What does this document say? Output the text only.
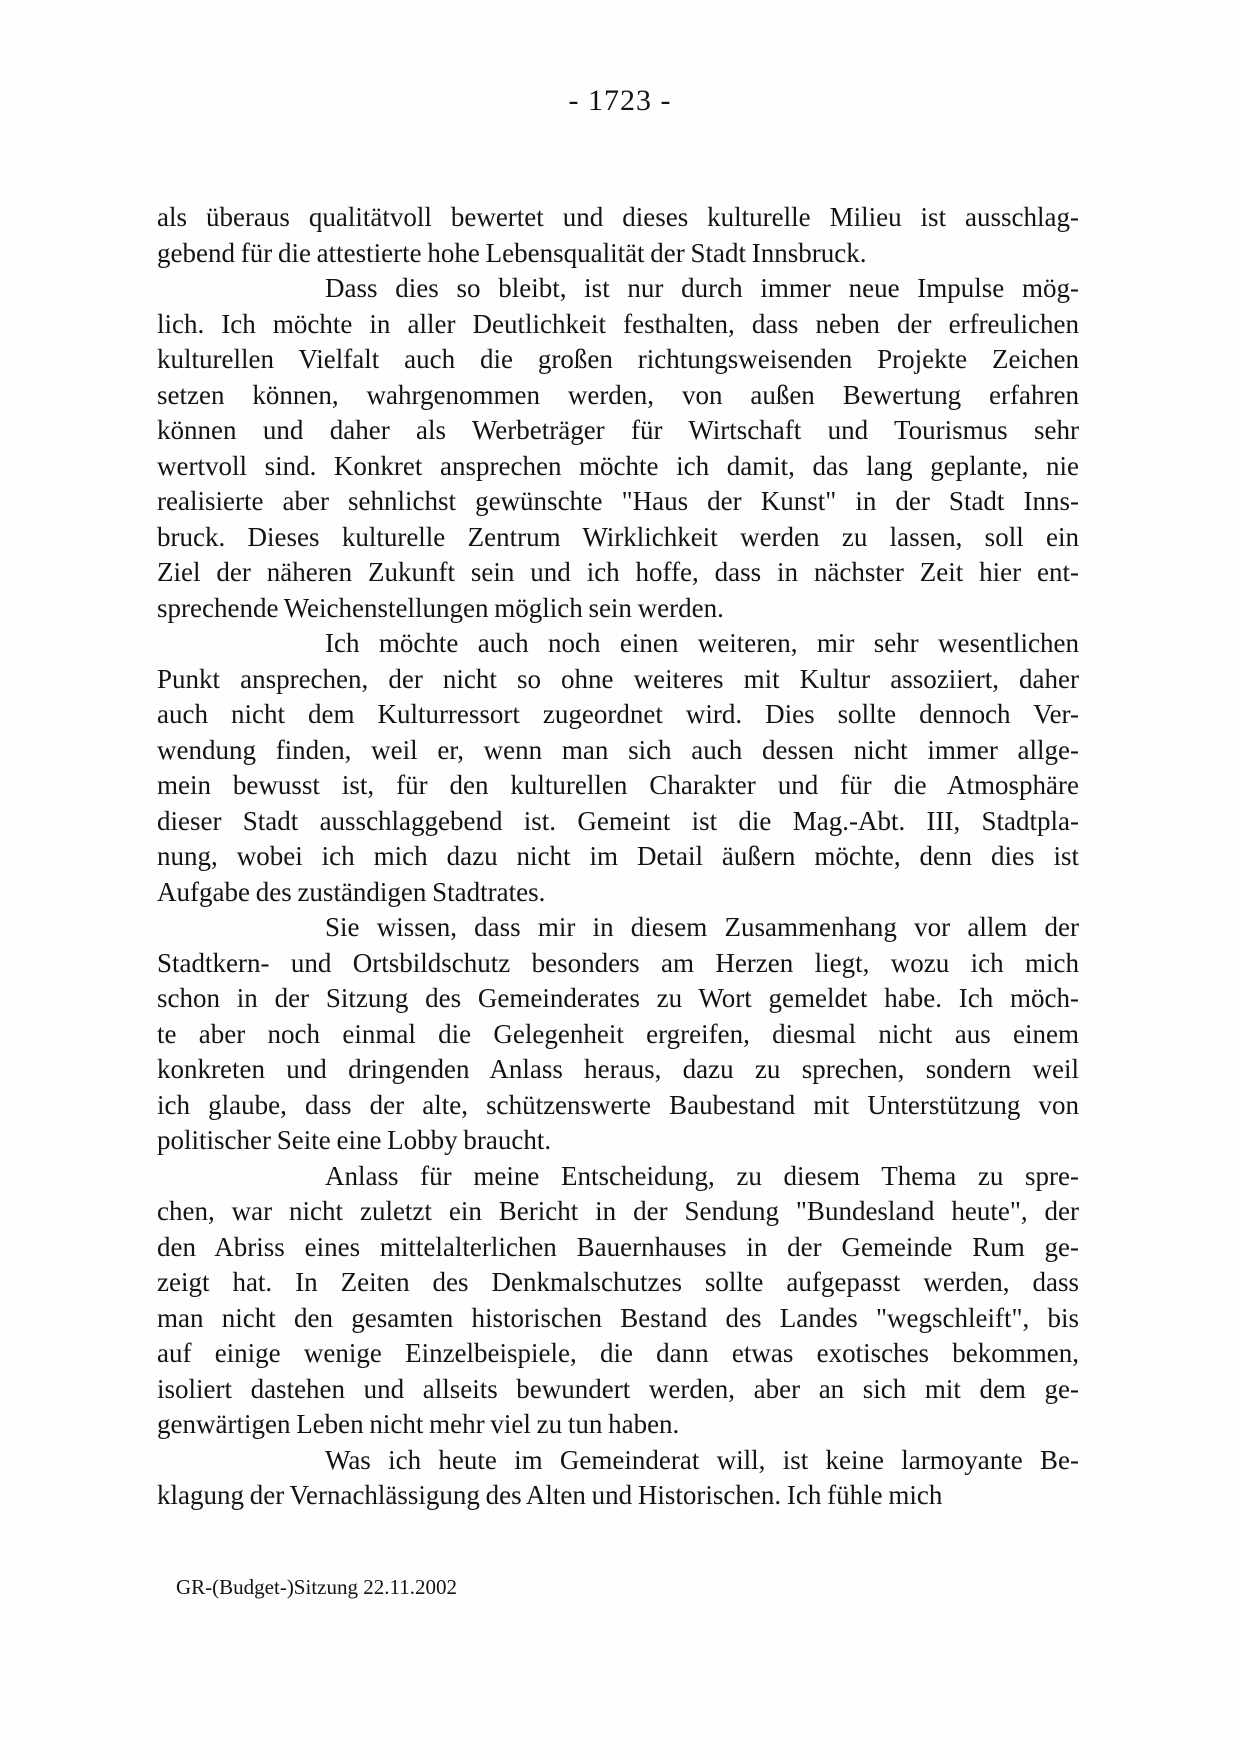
- 1723 -
als überaus qualitätvoll bewertet und dieses kulturelle Milieu ist ausschlag-
gebend für die attestierte hohe Lebensqualität der Stadt Innsbruck.
Dass dies so bleibt, ist nur durch immer neue Impulse mög-
lich. Ich möchte in aller Deutlichkeit festhalten, dass neben der erfreulichen
kulturellen Vielfalt auch die großen richtungsweisenden Projekte Zeichen
setzen können, wahrgenommen werden, von außen Bewertung erfahren
können und daher als Werbeträger für Wirtschaft und Tourismus sehr
wertvoll sind. Konkret ansprechen möchte ich damit, das lang geplante, nie
realisierte aber sehnlichst gewünschte "Haus der Kunst" in der Stadt Inns-
bruck. Dieses kulturelle Zentrum Wirklichkeit werden zu lassen, soll ein
Ziel der näheren Zukunft sein und ich hoffe, dass in nächster Zeit hier ent-
sprechende Weichenstellungen möglich sein werden.
Ich möchte auch noch einen weiteren, mir sehr wesentlichen
Punkt ansprechen, der nicht so ohne weiteres mit Kultur assoziiert, daher
auch nicht dem Kulturressort zugeordnet wird. Dies sollte dennoch Ver-
wendung finden, weil er, wenn man sich auch dessen nicht immer allge-
mein bewusst ist, für den kulturellen Charakter und für die Atmosphäre
dieser Stadt ausschlaggebend ist. Gemeint ist die Mag.-Abt. III, Stadtpla-
nung, wobei ich mich dazu nicht im Detail äußern möchte, denn dies ist
Aufgabe des zuständigen Stadtrates.
Sie wissen, dass mir in diesem Zusammenhang vor allem der
Stadtkern- und Ortsbildschutz besonders am Herzen liegt, wozu ich mich
schon in der Sitzung des Gemeinderates zu Wort gemeldet habe. Ich möch-
te aber noch einmal die Gelegenheit ergreifen, diesmal nicht aus einem
konkreten und dringenden Anlass heraus, dazu zu sprechen, sondern weil
ich glaube, dass der alte, schützenswerte Baubestand mit Unterstützung von
politischer Seite eine Lobby braucht.
Anlass für meine Entscheidung, zu diesem Thema zu spre-
chen, war nicht zuletzt ein Bericht in der Sendung "Bundesland heute", der
den Abriss eines mittelalterlichen Bauernhauses in der Gemeinde Rum ge-
zeigt hat. In Zeiten des Denkmalschutzes sollte aufgepasst werden, dass
man nicht den gesamten historischen Bestand des Landes "wegschleift", bis
auf einige wenige Einzelbeispiele, die dann etwas exotisches bekommen,
isoliert dastehen und allseits bewundert werden, aber an sich mit dem ge-
genwärtigen Leben nicht mehr viel zu tun haben.
Was ich heute im Gemeinderat will, ist keine larmoyante Be-
klagung der Vernachlässigung des Alten und Historischen. Ich fühle mich
GR-(Budget-)Sitzung 22.11.2002
